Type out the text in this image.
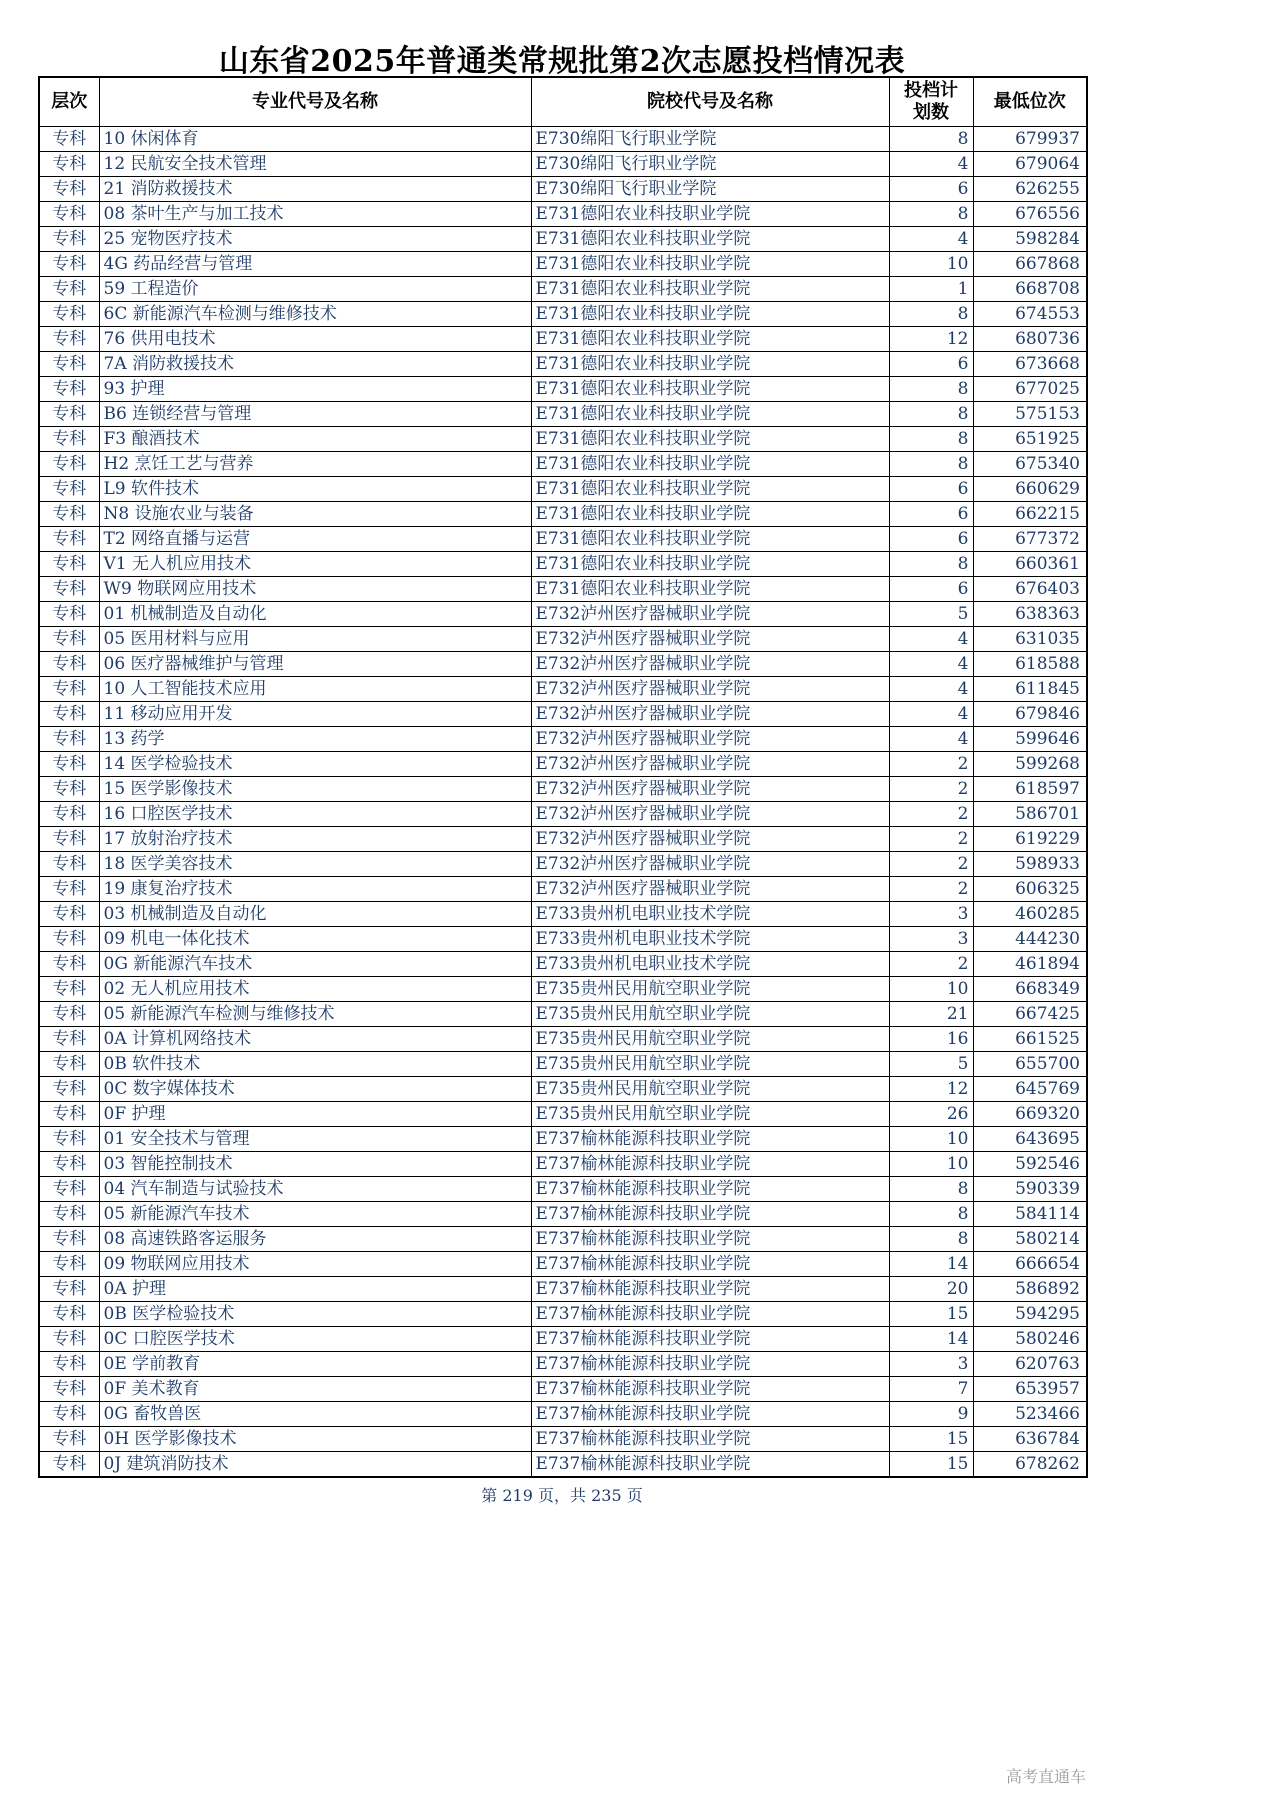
山东省2025年普通类常规批第2次志愿投档情况表
层次	专业代号及名称	院校代号及名称	投档计划数	最低位次
专科	10 休闲体育	E730绵阳飞行职业学院	8	679937
专科	12 民航安全技术管理	E730绵阳飞行职业学院	4	679064
专科	21 消防救援技术	E730绵阳飞行职业学院	6	626255
专科	08 茶叶生产与加工技术	E731德阳农业科技职业学院	8	676556
专科	25 宠物医疗技术	E731德阳农业科技职业学院	4	598284
专科	4G 药品经营与管理	E731德阳农业科技职业学院	10	667868
专科	59 工程造价	E731德阳农业科技职业学院	1	668708
专科	6C 新能源汽车检测与维修技术	E731德阳农业科技职业学院	8	674553
专科	76 供用电技术	E731德阳农业科技职业学院	12	680736
专科	7A 消防救援技术	E731德阳农业科技职业学院	6	673668
专科	93 护理	E731德阳农业科技职业学院	8	677025
专科	B6 连锁经营与管理	E731德阳农业科技职业学院	8	575153
专科	F3 酿酒技术	E731德阳农业科技职业学院	8	651925
专科	H2 烹饪工艺与营养	E731德阳农业科技职业学院	8	675340
专科	L9 软件技术	E731德阳农业科技职业学院	6	660629
专科	N8 设施农业与装备	E731德阳农业科技职业学院	6	662215
专科	T2 网络直播与运营	E731德阳农业科技职业学院	6	677372
专科	V1 无人机应用技术	E731德阳农业科技职业学院	8	660361
专科	W9 物联网应用技术	E731德阳农业科技职业学院	6	676403
专科	01 机械制造及自动化	E732泸州医疗器械职业学院	5	638363
专科	05 医用材料与应用	E732泸州医疗器械职业学院	4	631035
专科	06 医疗器械维护与管理	E732泸州医疗器械职业学院	4	618588
专科	10 人工智能技术应用	E732泸州医疗器械职业学院	4	611845
专科	11 移动应用开发	E732泸州医疗器械职业学院	4	679846
专科	13 药学	E732泸州医疗器械职业学院	4	599646
专科	14 医学检验技术	E732泸州医疗器械职业学院	2	599268
专科	15 医学影像技术	E732泸州医疗器械职业学院	2	618597
专科	16 口腔医学技术	E732泸州医疗器械职业学院	2	586701
专科	17 放射治疗技术	E732泸州医疗器械职业学院	2	619229
专科	18 医学美容技术	E732泸州医疗器械职业学院	2	598933
专科	19 康复治疗技术	E732泸州医疗器械职业学院	2	606325
专科	03 机械制造及自动化	E733贵州机电职业技术学院	3	460285
专科	09 机电一体化技术	E733贵州机电职业技术学院	3	444230
专科	0G 新能源汽车技术	E733贵州机电职业技术学院	2	461894
专科	02 无人机应用技术	E735贵州民用航空职业学院	10	668349
专科	05 新能源汽车检测与维修技术	E735贵州民用航空职业学院	21	667425
专科	0A 计算机网络技术	E735贵州民用航空职业学院	16	661525
专科	0B 软件技术	E735贵州民用航空职业学院	5	655700
专科	0C 数字媒体技术	E735贵州民用航空职业学院	12	645769
专科	0F 护理	E735贵州民用航空职业学院	26	669320
专科	01 安全技术与管理	E737榆林能源科技职业学院	10	643695
专科	03 智能控制技术	E737榆林能源科技职业学院	10	592546
专科	04 汽车制造与试验技术	E737榆林能源科技职业学院	8	590339
专科	05 新能源汽车技术	E737榆林能源科技职业学院	8	584114
专科	08 高速铁路客运服务	E737榆林能源科技职业学院	8	580214
专科	09 物联网应用技术	E737榆林能源科技职业学院	14	666654
专科	0A 护理	E737榆林能源科技职业学院	20	586892
专科	0B 医学检验技术	E737榆林能源科技职业学院	15	594295
专科	0C 口腔医学技术	E737榆林能源科技职业学院	14	580246
专科	0E 学前教育	E737榆林能源科技职业学院	3	620763
专科	0F 美术教育	E737榆林能源科技职业学院	7	653957
专科	0G 畜牧兽医	E737榆林能源科技职业学院	9	523466
专科	0H 医学影像技术	E737榆林能源科技职业学院	15	636784
专科	0J 建筑消防技术	E737榆林能源科技职业学院	15	678262
第 219 页，共 235 页
高考直通车
